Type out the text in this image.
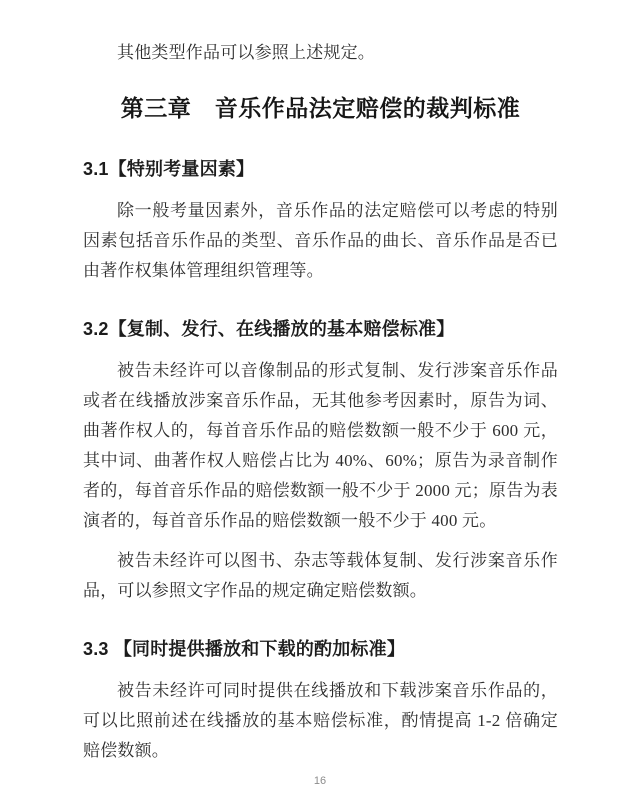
其他类型作品可以参照上述规定。

第三章　音乐作品法定赔偿的裁判标准
3.1【特别考量因素】

除一般考量因素外，音乐作品的法定赔偿可以考虑的特别因素包括音乐作品的类型、音乐作品的曲长、音乐作品是否已由著作权集体管理组织管理等。

3.2【复制、发行、在线播放的基本赔偿标准】

被告未经许可以音像制品的形式复制、发行涉案音乐作品或者在线播放涉案音乐作品，无其他参考因素时，原告为词、曲著作权人的，每首音乐作品的赔偿数额一般不少于 600 元，其中词、曲著作权人赔偿占比为 40%、60%；原告为录音制作者的，每首音乐作品的赔偿数额一般不少于 2000 元；原告为表演者的，每首音乐作品的赔偿数额一般不少于 400 元。

被告未经许可以图书、杂志等载体复制、发行涉案音乐作品，可以参照文字作品的规定确定赔偿数额。

3.3 【同时提供播放和下载的酌加标准】

被告未经许可同时提供在线播放和下载涉案音乐作品的，可以比照前述在线播放的基本赔偿标准，酌情提高 1-2 倍确定赔偿数额。

16
